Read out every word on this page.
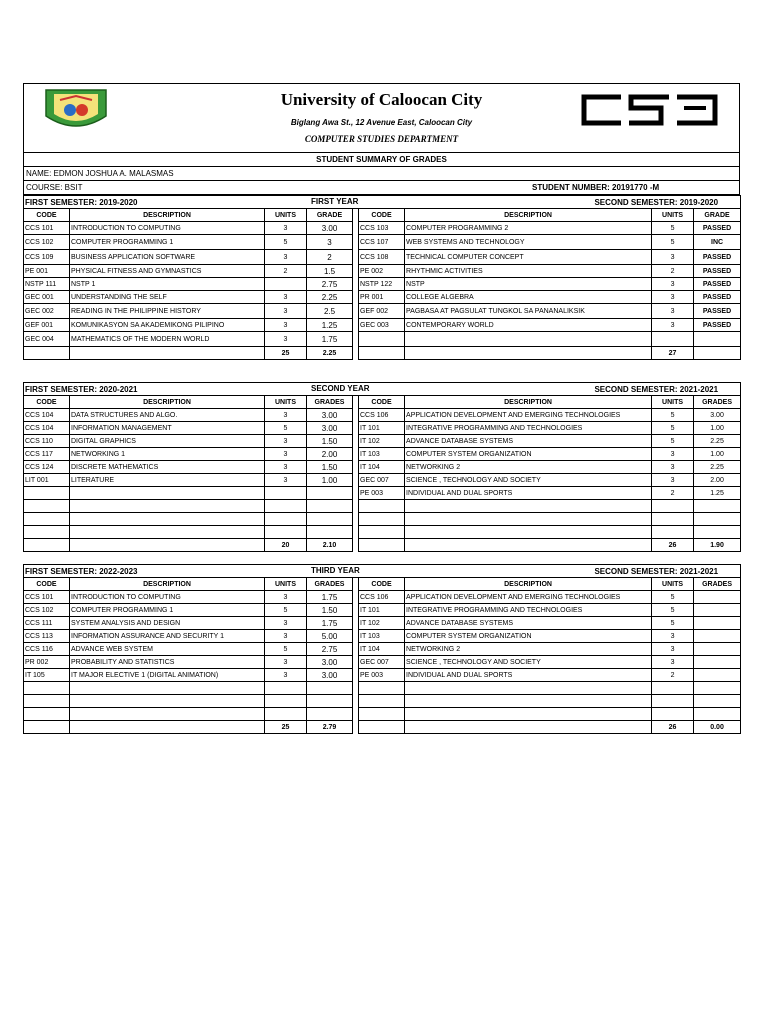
University of Caloocan City
Biglang Awa St., 12 Avenue East, Caloocan City
COMPUTER STUDIES DEPARTMENT
STUDENT SUMMARY OF GRADES
NAME: EDMON JOSHUA A. MALASMAS
COURSE: BSIT	STUDENT NUMBER: 20191770 -M
FIRST SEMESTER: 2019-2020 FIRST YEAR						SECOND SEMESTER: 2019-2020		
CODE	DESCRIPTION	UNITS	GRADE		CODE	DESCRIPTION	UNITS	GRADE
CCS 101	INTRODUCTION TO COMPUTING	3	3.00		CCS 103	COMPUTER PROGRAMMING 2	5	PASSED
CCS 102	COMPUTER PROGRAMMING 1	5	3		CCS 107	WEB SYSTEMS AND TECHNOLOGY	5	INC
CCS 109	BUSINESS APPLICATION SOFTWARE	3	2		CCS 108	TECHNICAL COMPUTER CONCEPT	3	PASSED
PE 001	PHYSICAL FITNESS AND GYMNASTICS	2	1.5		PE 002	RHYTHMIC ACTIVITIES	2	PASSED
NSTP 111	NSTP 1		2.75		NSTP 122	NSTP	3	PASSED
GEC 001	UNDERSTANDING THE SELF	3	2.25		PR 001	COLLEGE ALGEBRA	3	PASSED
GEC 002	READING IN THE PHILIPPINE HISTORY	3	2.5		GEF 002	PAGBASA AT PAGSULAT TUNGKOL SA PANANALIKSIK	3	PASSED
GEF 001	KOMUNIKASYON SA AKADEMIKONG PILIPINO	3	1.25		GEC 003	CONTEMPORARY WORLD	3	PASSED
GEC 004	MATHEMATICS OF THE MODERN WORLD	3	1.75					
		25	2.25				27	
FIRST SEMESTER: 2020-2021 SECOND YEAR						SECOND SEMESTER: 2021-2021		
CODE	DESCRIPTION	UNITS	GRADES		CODE	DESCRIPTION	UNITS	GRADES
CCS 104	DATA STRUCTURES AND ALGO.	3	3.00		CCS 106	APPLICATION DEVELOPMENT AND EMERGING TECHNOLOGIES	5	3.00
CCS 104	INFORMATION MANAGEMENT	5	3.00		IT 101	INTEGRATIVE PROGRAMMING AND TECHNOLOGIES	5	1.00
CCS 110	DIGITAL GRAPHICS	3	1.50		IT 102	ADVANCE DATABASE SYSTEMS	5	2.25
CCS 117	NETWORKING 1	3	2.00		IT 103	COMPUTER SYSTEM ORGANIZATION	3	1.00
CCS 124	DISCRETE MATHEMATICS	3	1.50		IT 104	NETWORKING 2	3	2.25
LIT 001	LITERATURE	3	1.00		GEC 007	SCIENCE , TECHNOLOGY AND SOCIETY	3	2.00
					PE 003	INDIVIDUAL AND DUAL SPORTS	2	1.25

		20	2.10				26	1.90
FIRST SEMESTER: 2022-2023 THIRD YEAR						SECOND SEMESTER: 2021-2021		
CODE	DESCRIPTION	UNITS	GRADES		CODE	DESCRIPTION	UNITS	GRADES
CCS 101	INTRODUCTION TO COMPUTING	3	1.75		CCS 106	APPLICATION DEVELOPMENT AND EMERGING TECHNOLOGIES	5	
CCS 102	COMPUTER PROGRAMMING 1	5	1.50		IT 101	INTEGRATIVE PROGRAMMING AND TECHNOLOGIES	5	
CCS 111	SYSTEM ANALYSIS AND DESIGN	3	1.75		IT 102	ADVANCE DATABASE SYSTEMS	5	
CCS 113	INFORMATION ASSURANCE AND SECURITY 1	3	5.00		IT 103	COMPUTER SYSTEM ORGANIZATION	3	
CCS 116	ADVANCE WEB SYSTEM	5	2.75		IT 104	NETWORKING 2	3	
PR 002	PROBABILITY AND STATISTICS	3	3.00		GEC 007	SCIENCE , TECHNOLOGY AND SOCIETY	3	
IT 105	IT MAJOR ELECTIVE 1 (DIGITAL ANIMATION)	3	3.00		PE 003	INDIVIDUAL AND DUAL SPORTS	2	

		25	2.79				26	0.00
